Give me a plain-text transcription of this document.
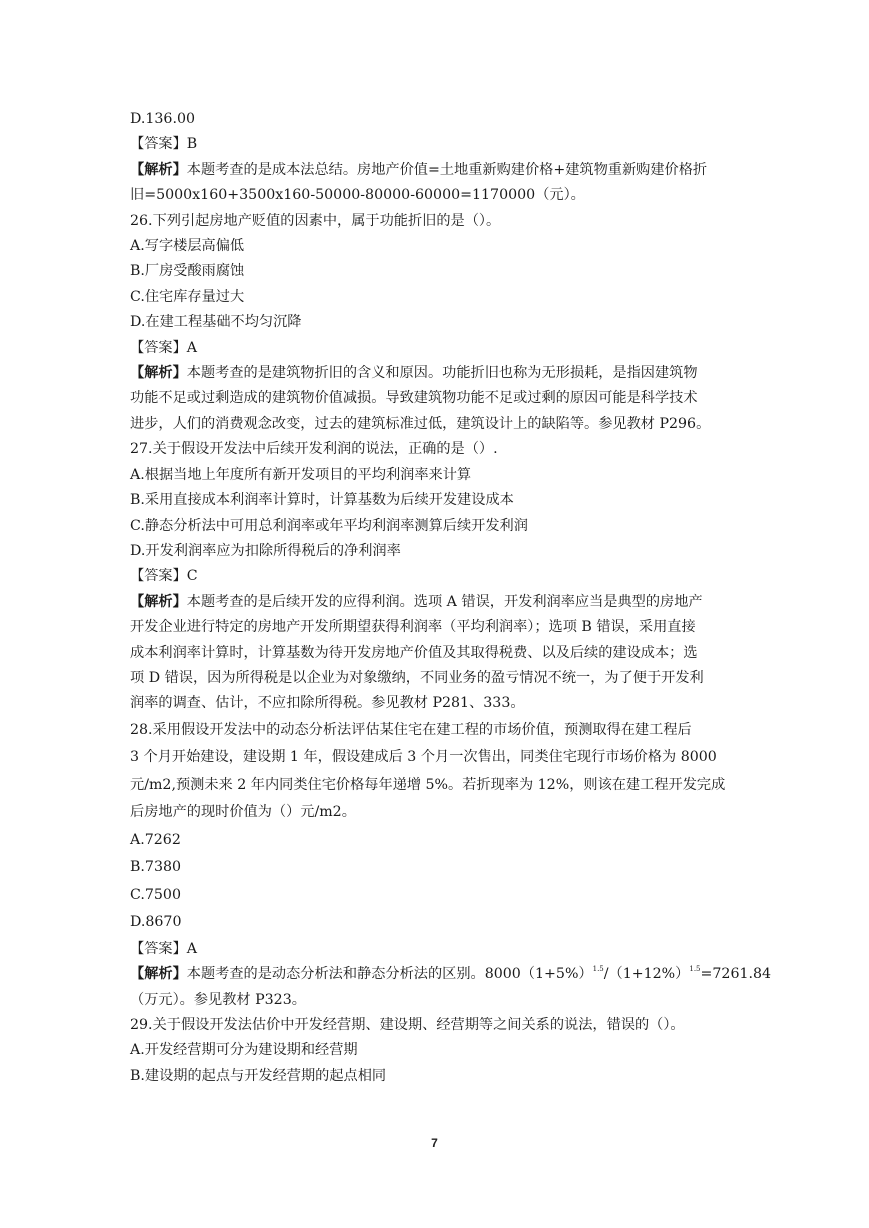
D.136.00
【答案】B
【解析】本题考查的是成本法总结。房地产价值=土地重新购建价格+建筑物重新购建价格折
旧=5000x160+3500x160-50000-80000-60000=1170000（元）。
26.下列引起房地产贬值的因素中，属于功能折旧的是（）。
A.写字楼层高偏低
B.厂房受酸雨腐蚀
C.住宅库存量过大
D.在建工程基础不均匀沉降
【答案】A
【解析】本题考查的是建筑物折旧的含义和原因。功能折旧也称为无形损耗，是指因建筑物
功能不足或过剩造成的建筑物价值减损。导致建筑物功能不足或过剩的原因可能是科学技术
进步，人们的消费观念改变，过去的建筑标准过低，建筑设计上的缺陷等。参见教材 P296。
27.关于假设开发法中后续开发利润的说法，正确的是（）.
A.根据当地上年度所有新开发项目的平均利润率来计算
B.采用直接成本利润率计算时，计算基数为后续开发建设成本
C.静态分析法中可用总利润率或年平均利润率测算后续开发利润
D.开发利润率应为扣除所得税后的净利润率
【答案】C
【解析】本题考查的是后续开发的应得利润。选项 A 错误，开发利润率应当是典型的房地产
开发企业进行特定的房地产开发所期望获得利润率（平均利润率）；选项 B 错误，采用直接
成本利润率计算时，计算基数为待开发房地产价值及其取得税费、以及后续的建设成本；选
项 D 错误，因为所得税是以企业为对象缴纳，不同业务的盈亏情况不统一，为了便于开发利
润率的调查、估计，不应扣除所得税。参见教材 P281、333。
28.采用假设开发法中的动态分析法评估某住宅在建工程的市场价值，预测取得在建工程后
3 个月开始建设，建设期 1 年，假设建成后 3 个月一次售出，同类住宅现行市场价格为 8000
元/m2,预测未来 2 年内同类住宅价格每年递增 5%。若折现率为 12%，则该在建工程开发完成
后房地产的现时价值为（）元/m2。
A.7262
B.7380
C.7500
D.8670
【答案】A
【解析】本题考查的是动态分析法和静态分析法的区别。$8000(1+5\%)^{1.5}/(1+12\%)^{1.5}=7261.84$
（万元）。参见教材 P323。
29.关于假设开发法估价中开发经营期、建设期、经营期等之间关系的说法，错误的（）。
A.开发经营期可分为建设期和经营期
B.建设期的起点与开发经营期的起点相同
7
